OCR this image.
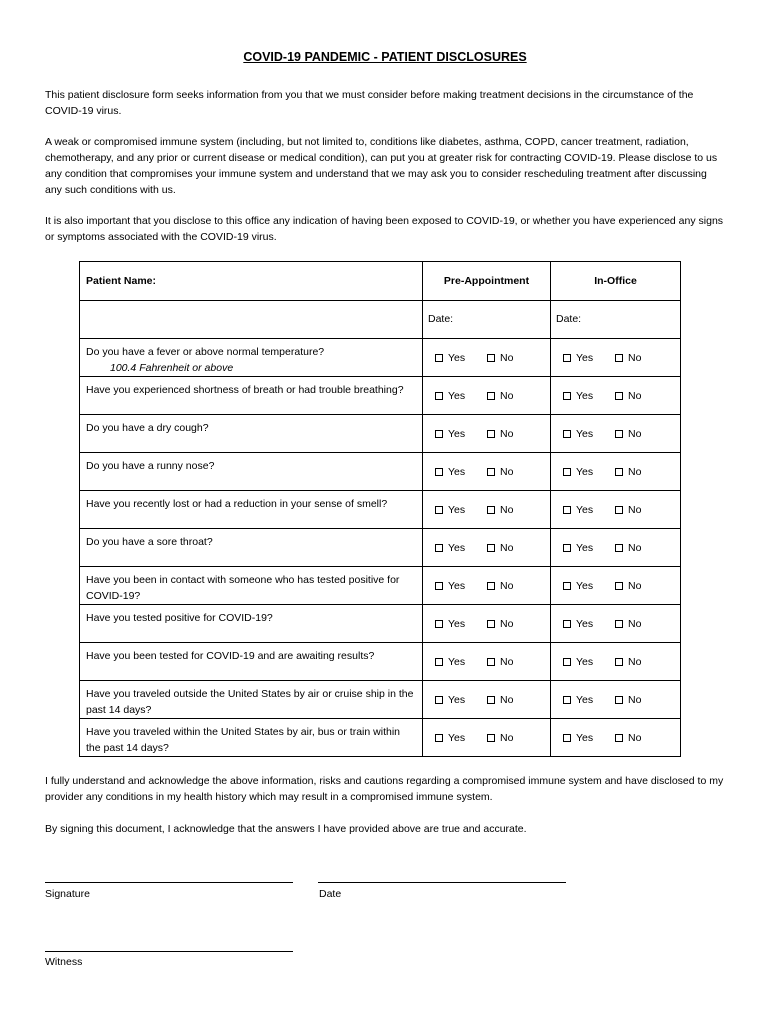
COVID-19 PANDEMIC - PATIENT DISCLOSURES

This patient disclosure form seeks information from you that we must consider before making treatment decisions in the circumstance of the COVID-19 virus.

A weak or compromised immune system (including, but not limited to, conditions like diabetes, asthma, COPD, cancer treatment, radiation, chemotherapy, and any prior or current disease or medical condition), can put you at greater risk for contracting COVID-19. Please disclose to us any condition that compromises your immune system and understand that we may ask you to consider rescheduling treatment after discussing any such conditions with us.

It is also important that you disclose to this office any indication of having been exposed to COVID-19, or whether you have experienced any signs or symptoms associated with the COVID-19 virus.

Patient Name:	Pre-Appointment	In-Office

	Date:	Date:

Do you have a fever or above normal temperature?
100.4 Fahrenheit or above	Yes No	Yes No

Have you experienced shortness of breath or had trouble breathing?	Yes No	Yes No

Do you have a dry cough?	Yes No	Yes No

Do you have a runny nose?	Yes No	Yes No

Have you recently lost or had a reduction in your sense of smell?	Yes No	Yes No

Do you have a sore throat?	Yes No	Yes No

Have you been in contact with someone who has tested positive for COVID-19?	Yes No	Yes No

Have you tested positive for COVID-19?	Yes No	Yes No

Have you been tested for COVID-19 and are awaiting results?	Yes No	Yes No

Have you traveled outside the United States by air or cruise ship in the past 14 days?	Yes No	Yes No

Have you traveled within the United States by air, bus or train within the past 14 days?	Yes No	Yes No

I fully understand and acknowledge the above information, risks and cautions regarding a compromised immune system and have disclosed to my provider any conditions in my health history which may result in a compromised immune system.

By signing this document, I acknowledge that the answers I have provided above are true and accurate.

Signature	Date
Witness
